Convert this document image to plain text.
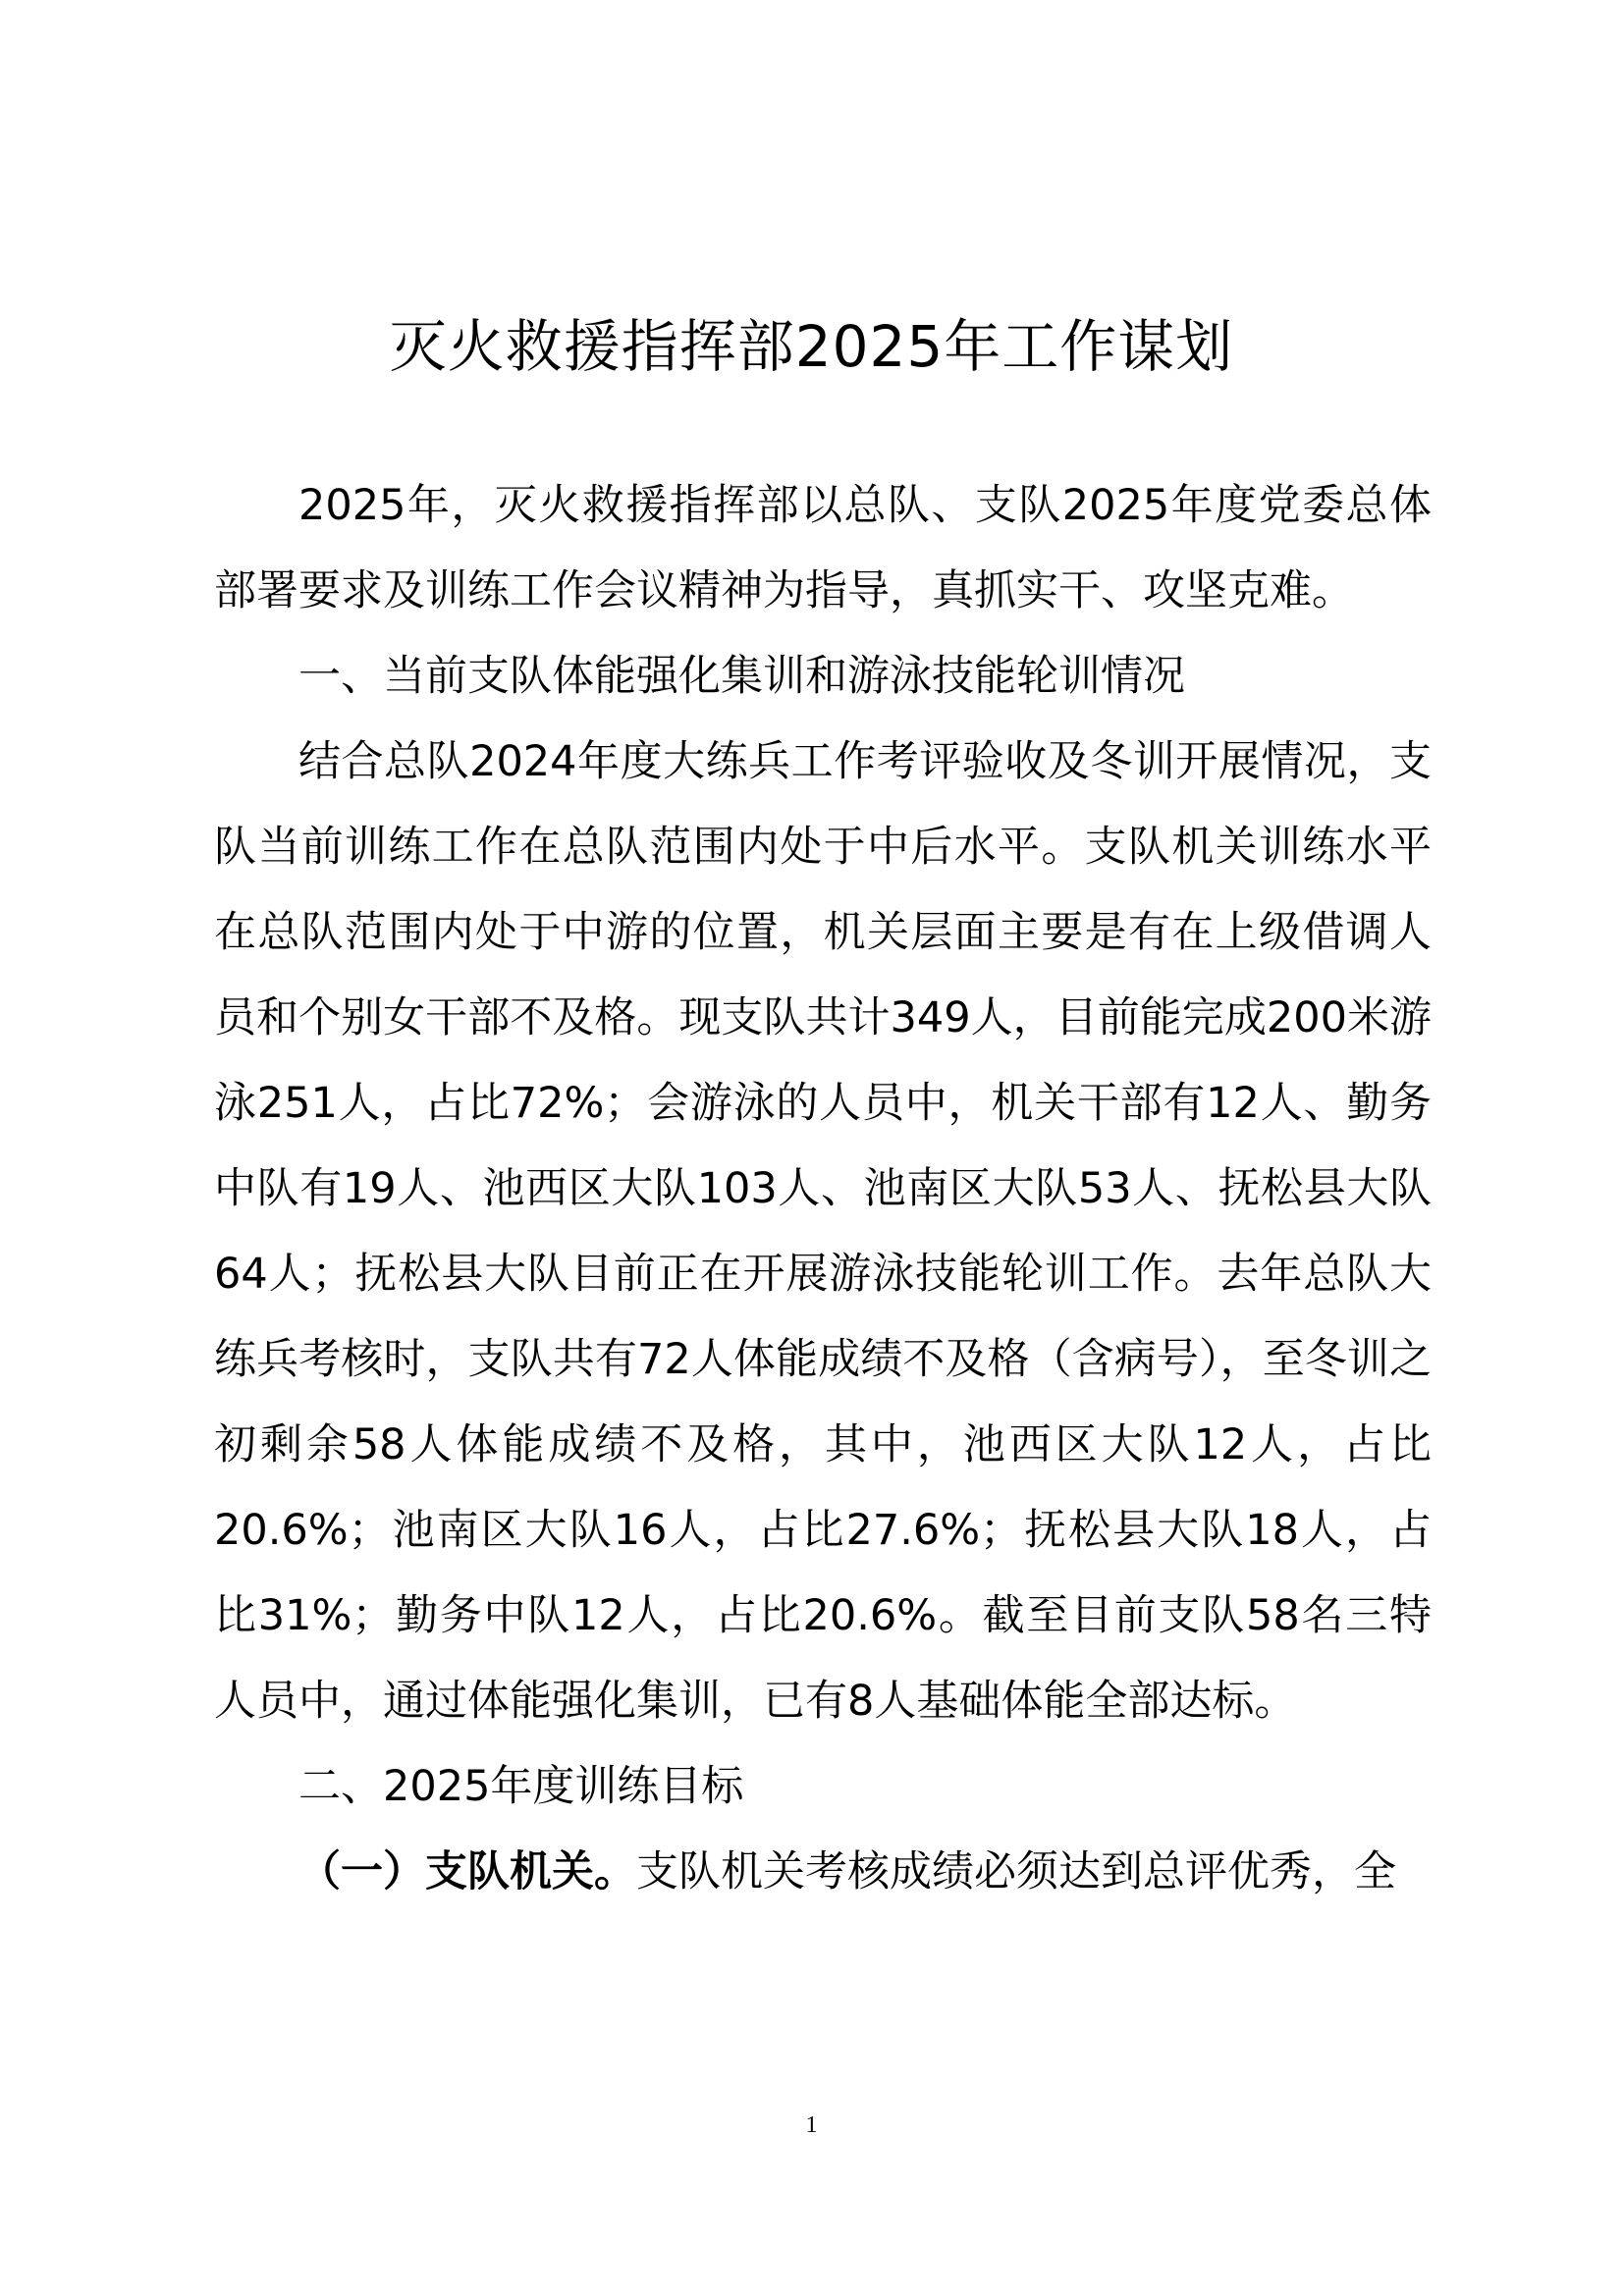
灭火救援指挥部2025年工作谋划

2025年，灭火救援指挥部以总队、支队2025年度党委总体部署要求及训练工作会议精神为指导，真抓实干、攻坚克难。

一、当前支队体能强化集训和游泳技能轮训情况

结合总队2024年度大练兵工作考评验收及冬训开展情况，支队当前训练工作在总队范围内处于中后水平。支队机关训练水平在总队范围内处于中游的位置，机关层面主要是有在上级借调人员和个别女干部不及格。现支队共计349人，目前能完成200米游泳251人，占比72%；会游泳的人员中，机关干部有12人、勤务中队有19人、池西区大队103人、池南区大队53人、抚松县大队64人；抚松县大队目前正在开展游泳技能轮训工作。去年总队大练兵考核时，支队共有72人体能成绩不及格（含病号），至冬训之初剩余58人体能成绩不及格，其中，池西区大队12人，占比20.6%；池南区大队16人，占比27.6%；抚松县大队18人，占比31%；勤务中队12人，占比20.6%。截至目前支队58名三特人员中，通过体能强化集训，已有8人基础体能全部达标。

二、2025年度训练目标

（一）支队机关。支队机关考核成绩必须达到总评优秀，全

1
